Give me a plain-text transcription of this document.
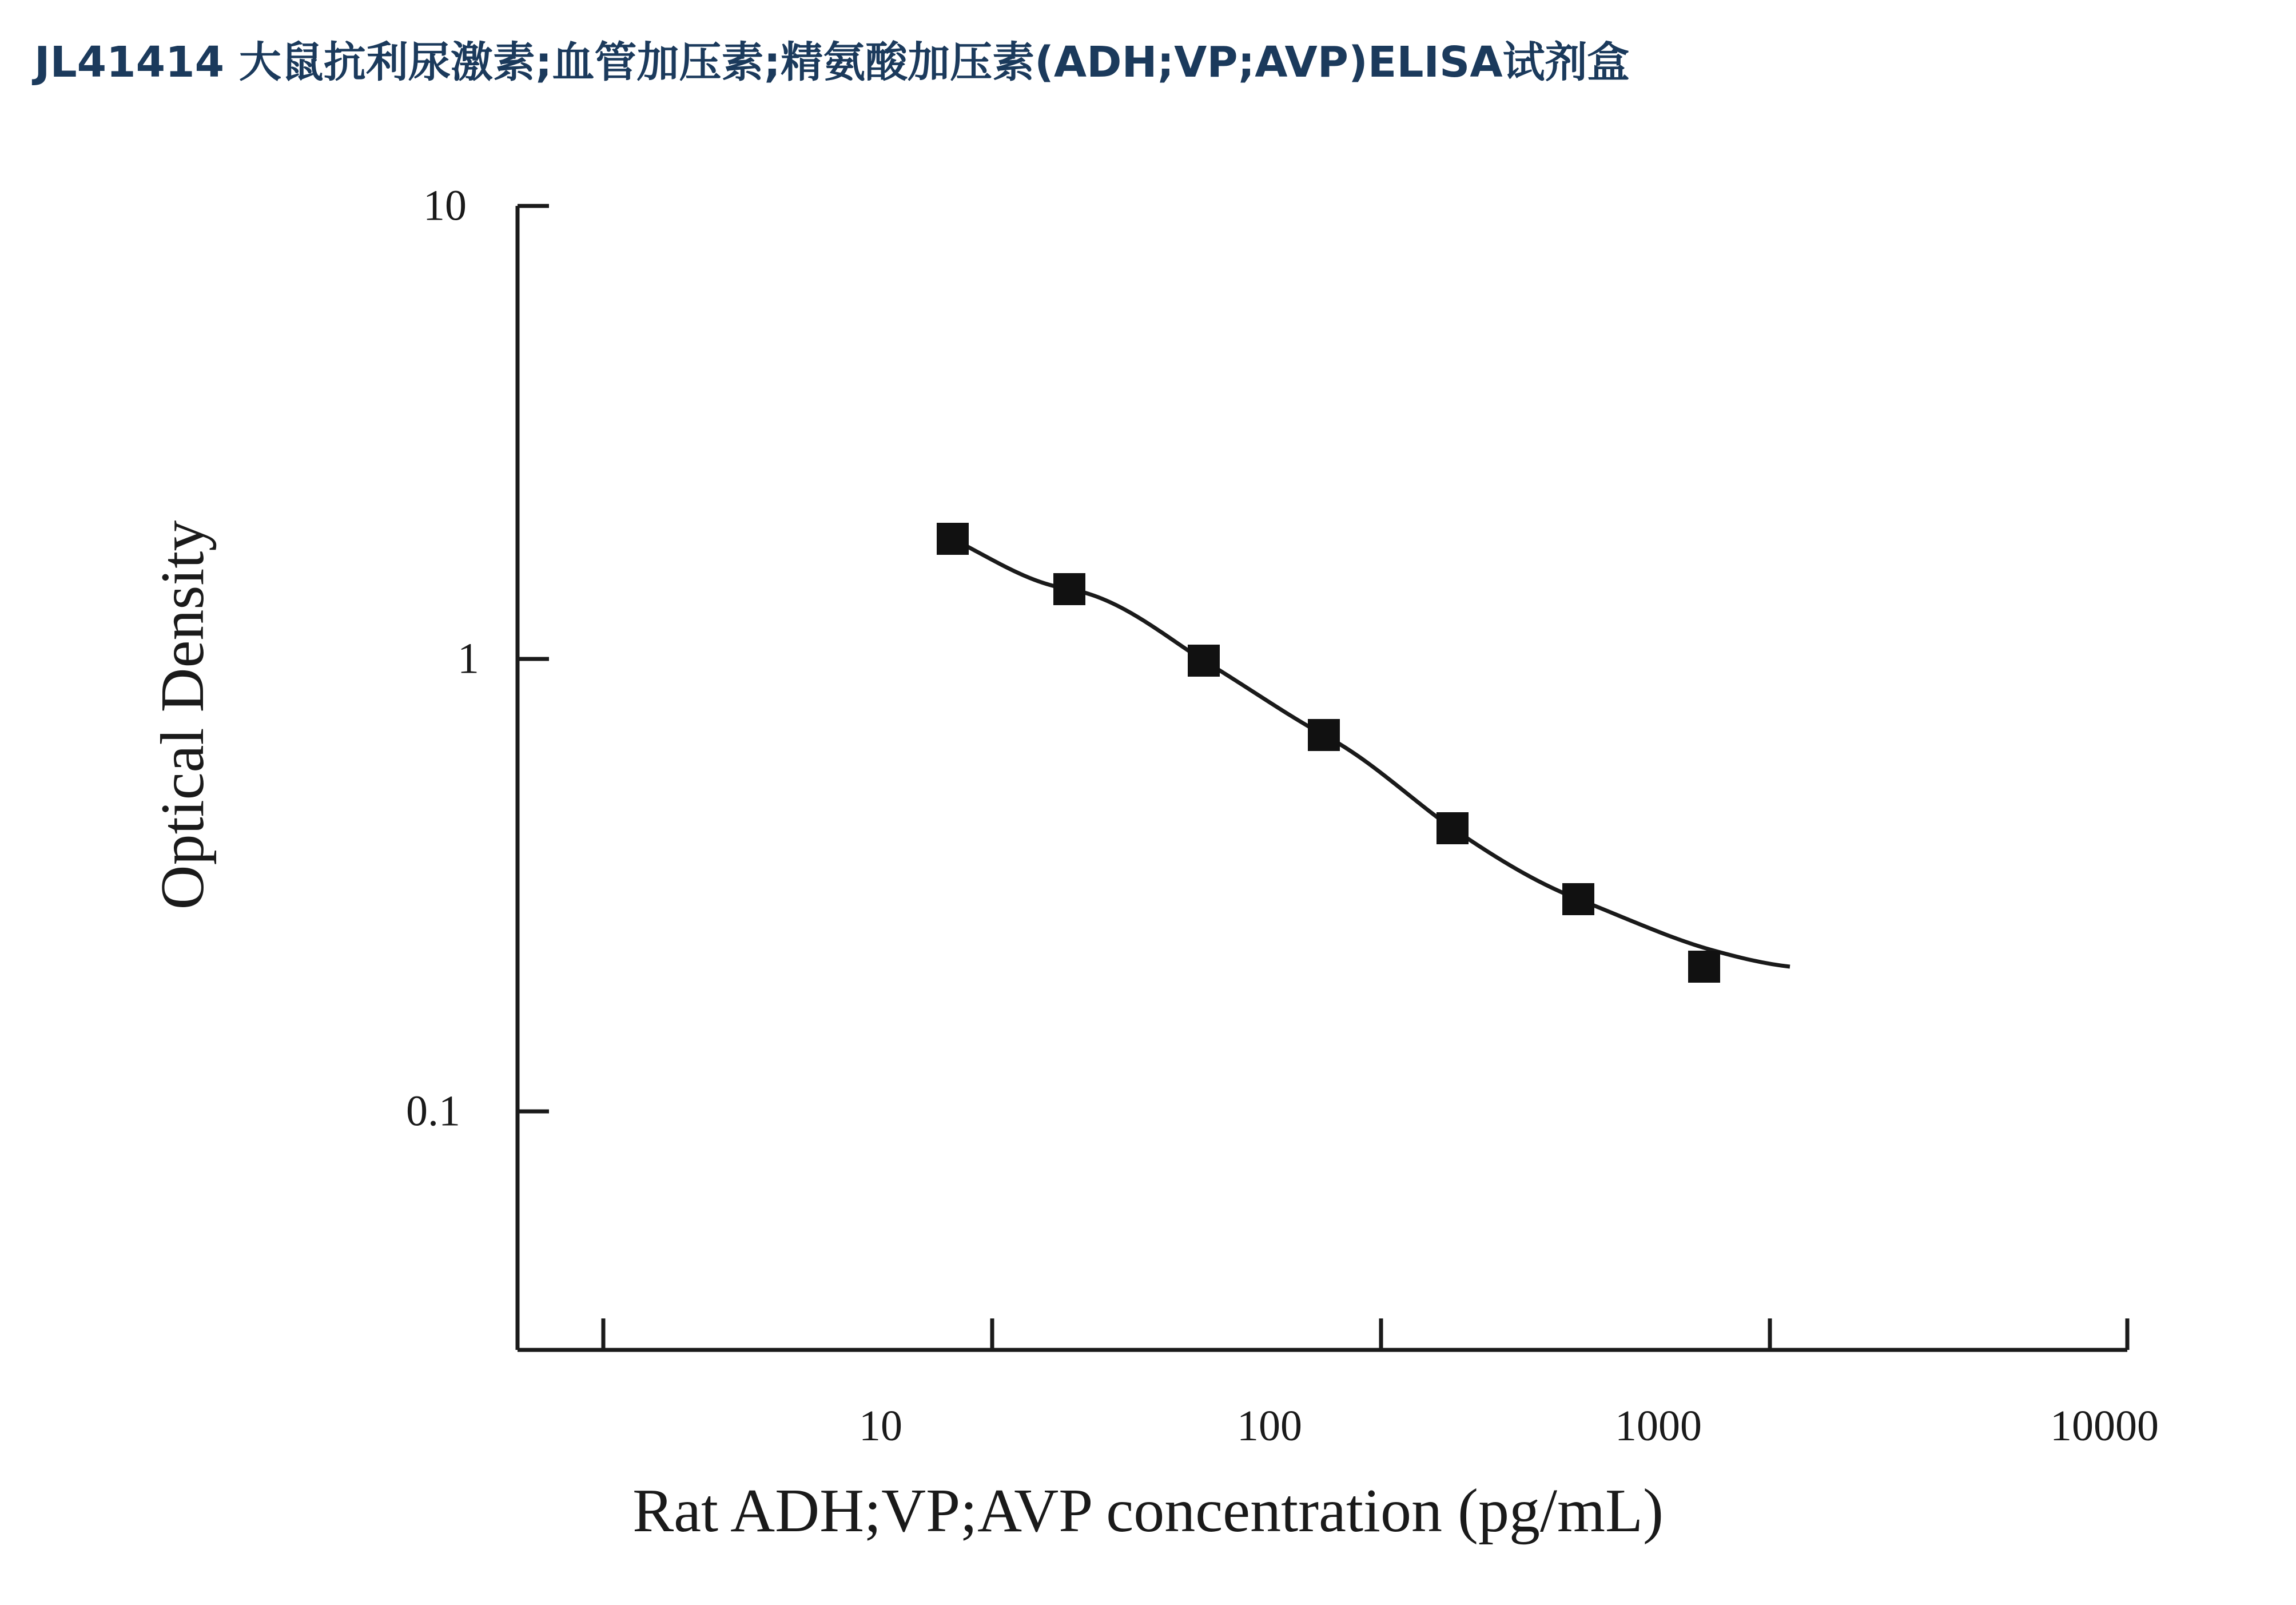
JL41414 大鼠抗利尿激素;血管加压素;精氨酸加压素(ADH;VP;AVP)ELISA试剂盒
10
1
0.1
10	100	1000	10000
Rat ADH;VP;AVP concentration (pg/mL)
Optical Density
